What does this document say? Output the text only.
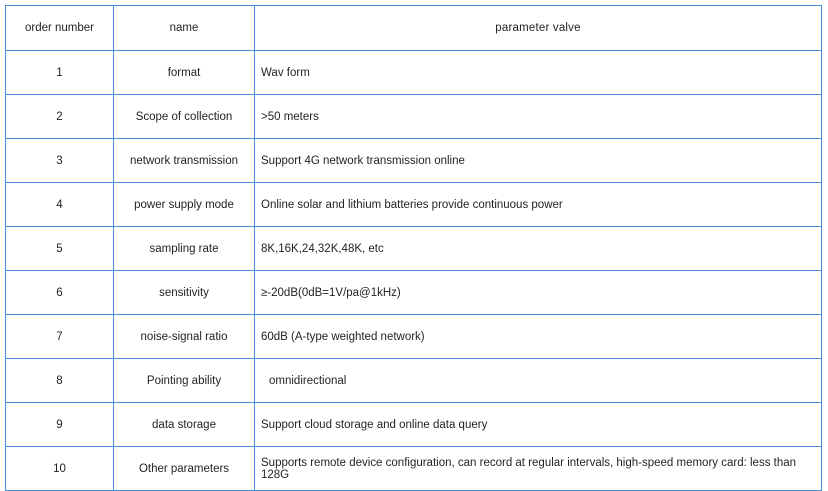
order number	name	parameter valve
1	format	Wav form
2	Scope of collection	>50 meters
3	network transmission	Support 4G network transmission online
4	power supply mode	Online solar and lithium batteries provide continuous power
5	sampling rate	8K,16K,24,32K,48K, etc
6	sensitivity	≥-20dB(0dB=1V/pa@1kHz)
7	noise-signal ratio	60dB (A-type weighted network)
8	Pointing ability	omnidirectional
9	data storage	Support cloud storage and online data query
10	Other parameters	Supports remote device configuration, can record at regular intervals, high-speed memory card: less than 128G
